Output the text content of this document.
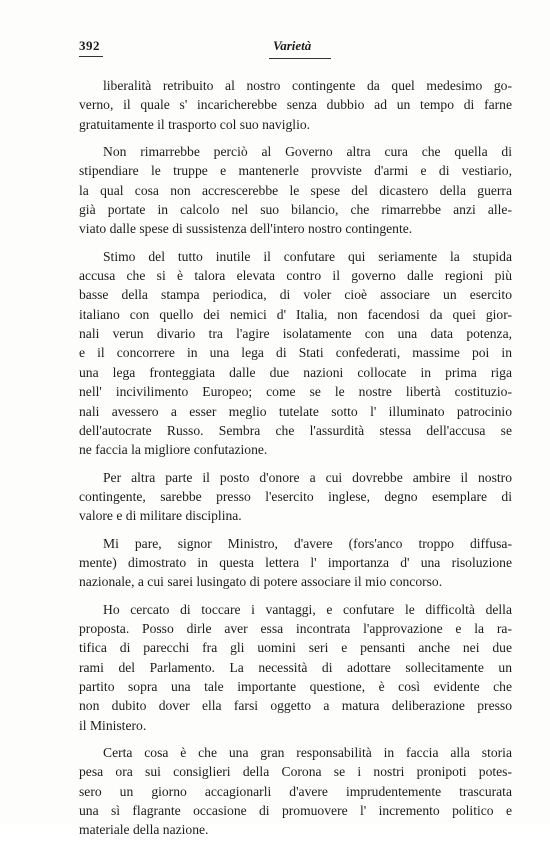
392	Varietà
liberalità retribuito al nostro contingente da quel medesimo go-
verno, il quale s' incaricherebbe senza dubbio ad un tempo di farne
gratuitamente il trasporto col suo naviglio.
Non rimarrebbe perciò al Governo altra cura che quella di
stipendiare le truppe e mantenerle provviste d'armi e di vestiario,
la qual cosa non accrescerebbe le spese del dicastero della guerra
già portate in calcolo nel suo bilancio, che rimarrebbe anzi alle-
viato dalle spese di sussistenza dell'intero nostro contingente.
Stimo del tutto inutile il confutare qui seriamente la stupida
accusa che si è talora elevata contro il governo dalle regioni più
basse della stampa periodica, di voler cioè associare un esercito
italiano con quello dei nemici d' Italia, non facendosi da quei gior-
nali verun divario tra l'agire isolatamente con una data potenza,
e il concorrere in una lega di Stati confederati, massime poi in
una lega fronteggiata dalle due nazioni collocate in prima riga
nell' incivilimento Europeo; come se le nostre libertà costituzio-
nali avessero a esser meglio tutelate sotto l' illuminato patrocinio
dell'autocrate Russo. Sembra che l'assurdità stessa dell'accusa se
ne faccia la migliore confutazione.
Per altra parte il posto d'onore a cui dovrebbe ambire il nostro
contingente, sarebbe presso l'esercito inglese, degno esemplare di
valore e di militare disciplina.
Mi pare, signor Ministro, d'avere (fors'anco troppo diffusa-
mente) dimostrato in questa lettera l' importanza d' una risoluzione
nazionale, a cui sarei lusingato di potere associare il mio concorso.
Ho cercato di toccare i vantaggi, e confutare le difficoltà della
proposta. Posso dirle aver essa incontrata l'approvazione e la ra-
tifica di parecchi fra gli uomini seri e pensanti anche nei due
rami del Parlamento. La necessità di adottare sollecitamente un
partito sopra una tale importante questione, è così evidente che
non dubito dover ella farsi oggetto a matura deliberazione presso
il Ministero.
Certa cosa è che una gran responsabilità in faccia alla storia
pesa ora sui consiglieri della Corona se i nostri pronipoti potes-
sero un giorno accagionarli d'avere imprudentemente trascurata
una sì flagrante occasione di promuovere l' incremento politico e
materiale della nazione.
